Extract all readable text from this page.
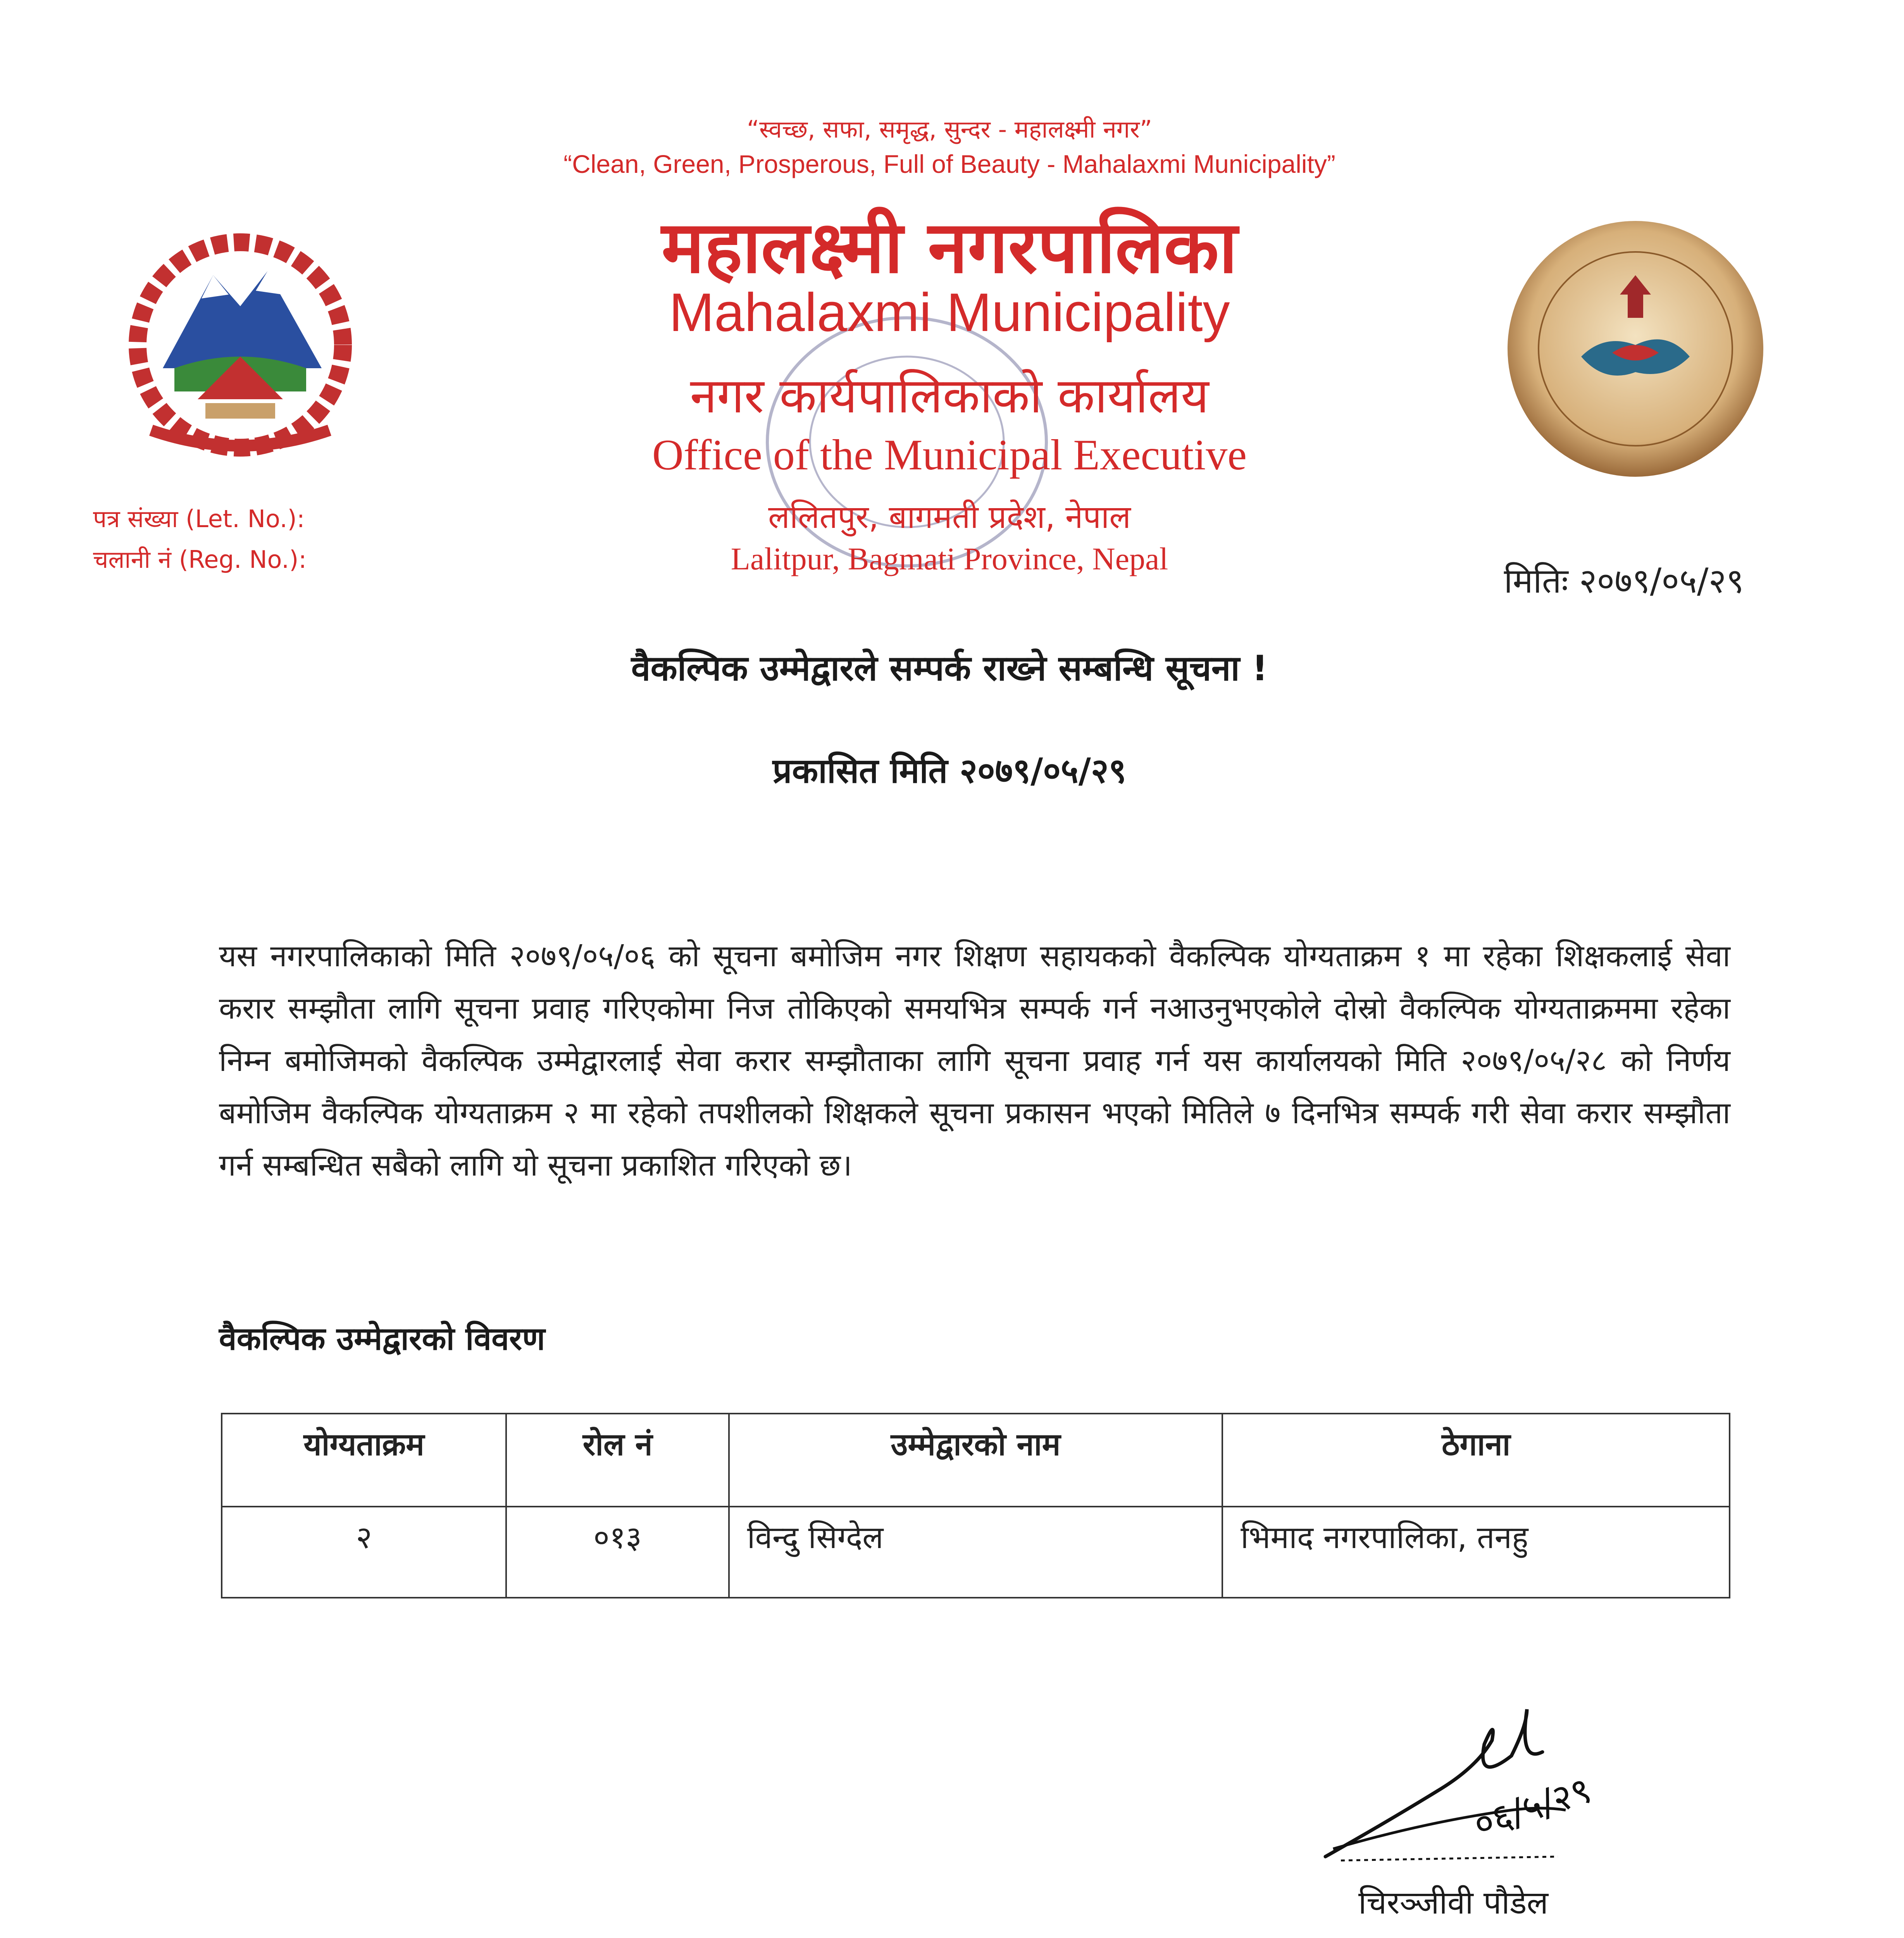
“स्वच्छ, सफा, समृद्ध, सुन्दर - महालक्ष्मी नगर”
“Clean, Green, Prosperous, Full of Beauty - Mahalaxmi Municipality”
महालक्ष्मी नगरपालिका
Mahalaxmi Municipality
नगर कार्यपालिकाको कार्यालय
Office of the Municipal Executive
ललितपुर, बागमती प्रदेश, नेपाल
Lalitpur, Bagmati Province, Nepal
पत्र संख्या (Let. No.):
चलानी नं (Reg. No.):
मितिः २०७९/०५/२९
वैकल्पिक उम्मेद्वारले सम्पर्क राख्ने सम्बन्धि सूचना !
प्रकासित मिति २०७९/०५/२९

यस नगरपालिकाको मिति २०७९/०५/०६ को सूचना बमोजिम नगर शिक्षण सहायकको वैकल्पिक योग्यताक्रम १ मा रहेका शिक्षकलाई सेवा करार सम्झौता लागि सूचना प्रवाह गरिएकोमा निज तोकिएको समयभित्र सम्पर्क गर्न नआउनुभएकोले दोस्रो वैकल्पिक योग्यताक्रममा रहेका निम्न बमोजिमको वैकल्पिक उम्मेद्वारलाई सेवा करार सम्झौताका लागि सूचना प्रवाह गर्न यस कार्यालयको मिति २०७९/०५/२८ को निर्णय बमोजिम वैकल्पिक योग्यताक्रम २ मा रहेको तपशीलको शिक्षकले सूचना प्रकासन भएको मितिले ७ दिनभित्र सम्पर्क गरी सेवा करार सम्झौता गर्न सम्बन्धित सबैको लागि यो सूचना प्रकाशित गरिएको छ।

वैकल्पिक उम्मेद्वारको विवरण
योग्यताक्रम	रोल नं	उम्मेद्वारको नाम	ठेगाना
२	०१३	विन्दु सिग्देल	भिमाद नगरपालिका, तनहु
०६/५/२९
चिरञ्जीवी पौडेल
